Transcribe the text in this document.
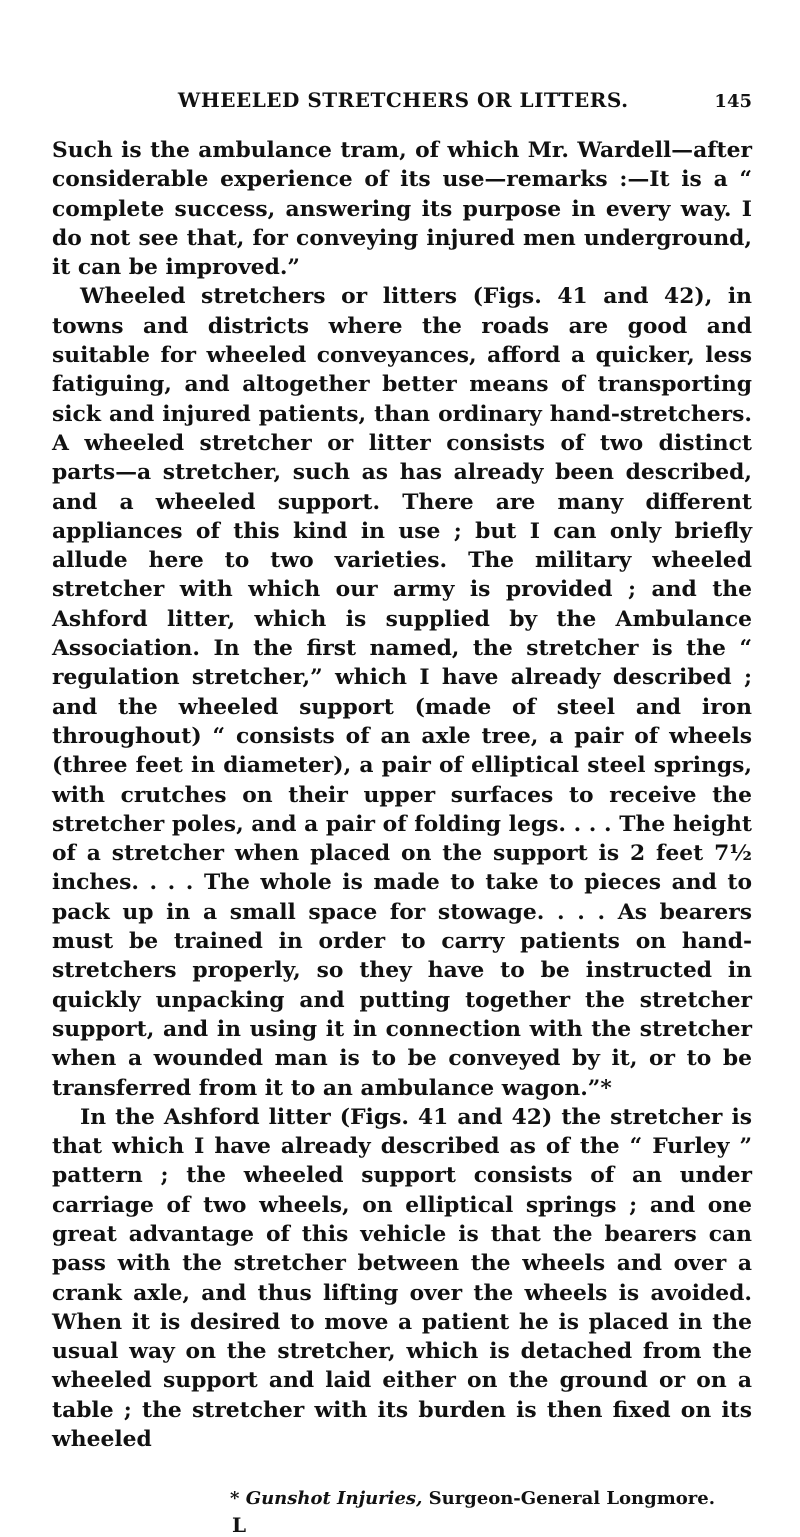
WHEELED STRETCHERS OR LITTERS.	145

Such is the ambulance tram, of which Mr. Wardell—after considerable experience of its use—remarks :—It is a “ complete success, answering its purpose in every way. I do not see that, for conveying injured men underground, it can be improved.”

Wheeled stretchers or litters (Figs. 41 and 42), in towns and districts where the roads are good and suitable for wheeled conveyances, afford a quicker, less fatiguing, and altogether better means of transporting sick and injured patients, than ordinary hand-stretchers. A wheeled stretcher or litter consists of two distinct parts—a stretcher, such as has already been described, and a wheeled support. There are many different appliances of this kind in use ; but I can only briefly allude here to two varieties. The military wheeled stretcher with which our army is provided ; and the Ashford litter, which is supplied by the Ambulance Association. In the first named, the stretcher is the “ regulation stretcher,” which I have already described ; and the wheeled support (made of steel and iron throughout) “ consists of an axle tree, a pair of wheels (three feet in diameter), a pair of elliptical steel springs, with crutches on their upper surfaces to receive the stretcher poles, and a pair of folding legs. . . . The height of a stretcher when placed on the support is 2 feet 7½ inches. . . . The whole is made to take to pieces and to pack up in a small space for stowage. . . . As bearers must be trained in order to carry patients on hand-stretchers properly, so they have to be instructed in quickly unpacking and putting together the stretcher support, and in using it in connection with the stretcher when a wounded man is to be conveyed by it, or to be transferred from it to an ambulance wagon.”*

In the Ashford litter (Figs. 41 and 42) the stretcher is that which I have already described as of the “ Furley ” pattern ; the wheeled support consists of an under carriage of two wheels, on elliptical springs ; and one great advantage of this vehicle is that the bearers can pass with the stretcher between the wheels and over a crank axle, and thus lifting over the wheels is avoided. When it is desired to move a patient he is placed in the usual way on the stretcher, which is detached from the wheeled support and laid either on the ground or on a table ; the stretcher with its burden is then fixed on its wheeled

* Gunshot Injuries, Surgeon-General Longmore.
L
